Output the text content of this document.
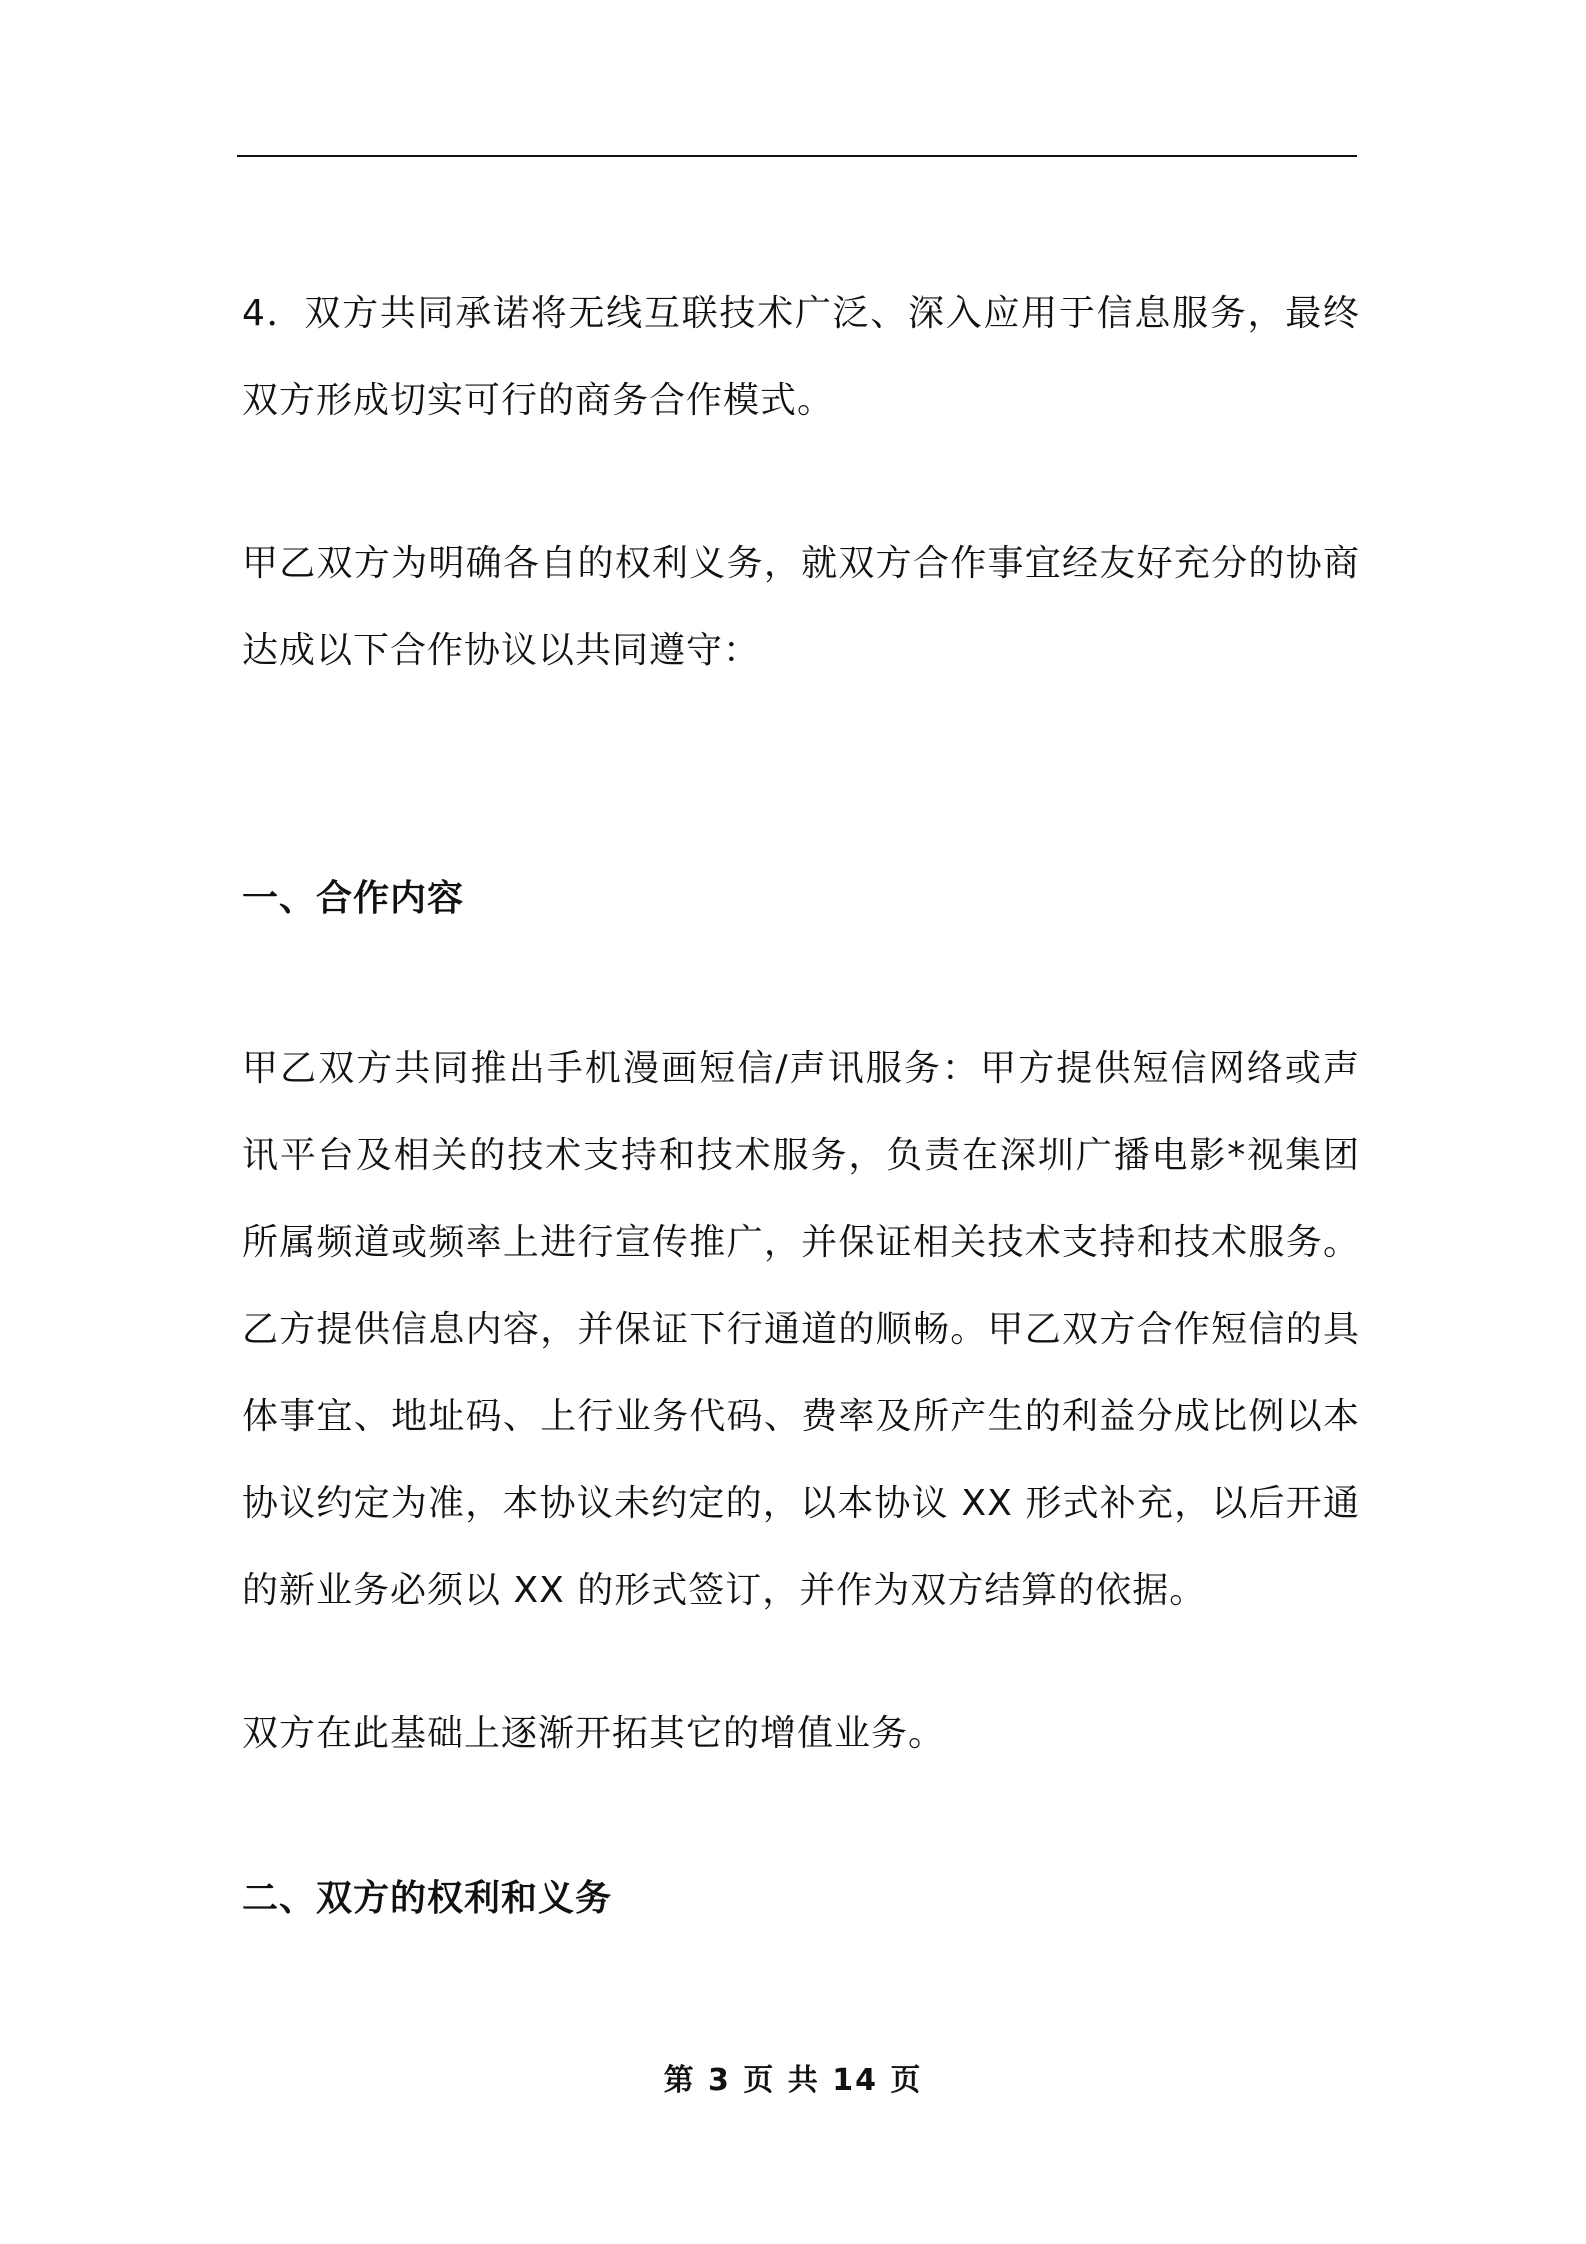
4．双方共同承诺将无线互联技术广泛、深入应用于信息服务，最终双方形成切实可行的商务合作模式。

甲乙双方为明确各自的权利义务，就双方合作事宜经友好充分的协商达成以下合作协议以共同遵守：

一、合作内容

甲乙双方共同推出手机漫画短信/声讯服务：甲方提供短信网络或声讯平台及相关的技术支持和技术服务，负责在深圳广播电影*视集团所属频道或频率上进行宣传推广，并保证相关技术支持和技术服务。乙方提供信息内容，并保证下行通道的顺畅。甲乙双方合作短信的具体事宜、地址码、上行业务代码、费率及所产生的利益分成比例以本协议约定为准，本协议未约定的，以本协议 XX 形式补充，以后开通的新业务必须以 XX 的形式签订，并作为双方结算的依据。

双方在此基础上逐渐开拓其它的增值业务。

二、双方的权利和义务
第 3 页 共 14 页
